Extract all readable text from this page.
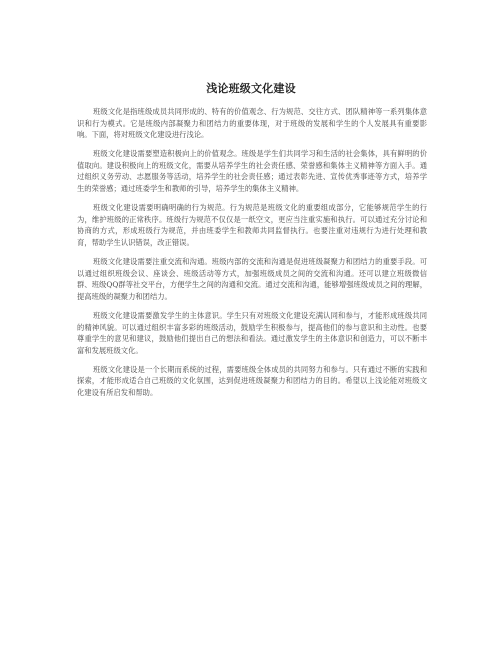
浅论班级文化建设

班级文化是指班级成员共同形成的、特有的价值观念、行为规范、交往方式、团队精神等一系列集体意识和行为模式。它是班级内部凝聚力和团结力的重要体现，对于班级的发展和学生的个人发展具有重要影响。下面，将对班级文化建设进行浅论。

班级文化建设需要塑造积极向上的价值观念。班级是学生们共同学习和生活的社会集体，具有鲜明的价值取向。建设积极向上的班级文化，需要从培养学生的社会责任感、荣誉感和集体主义精神等方面入手。通过组织义务劳动、志愿服务等活动，培养学生的社会责任感；通过表彰先进、宣传优秀事迹等方式，培养学生的荣誉感；通过班委学生和教师的引导，培养学生的集体主义精神。

班级文化建设需要明确明确的行为规范。行为规范是班级文化的重要组成部分，它能够规范学生的行为，维护班级的正常秩序。班级行为规范不仅仅是一纸空文，更应当注重实施和执行。可以通过充分讨论和协商的方式，形成班级行为规范，并由班委学生和教师共同监督执行。也要注重对违规行为进行处理和教育，帮助学生认识错误，改正错误。

班级文化建设需要注重交流和沟通。班级内部的交流和沟通是促进班级凝聚力和团结力的重要手段。可以通过组织班级会议、座谈会、班级活动等方式，加强班级成员之间的交流和沟通。还可以建立班级微信群、班级QQ群等社交平台，方便学生之间的沟通和交流。通过交流和沟通，能够增强班级成员之间的理解，提高班级的凝聚力和团结力。

班级文化建设需要激发学生的主体意识。学生只有对班级文化建设充满认同和参与，才能形成班级共同的精神风貌。可以通过组织丰富多彩的班级活动，鼓励学生积极参与，提高他们的参与意识和主动性。也要尊重学生的意见和建议，鼓励他们提出自己的想法和看法。通过激发学生的主体意识和创造力，可以不断丰富和发展班级文化。

班级文化建设是一个长期而系统的过程，需要班级全体成员的共同努力和参与。只有通过不断的实践和探索，才能形成适合自己班级的文化氛围，达到促进班级凝聚力和团结力的目的。希望以上浅论能对班级文化建设有所启发和帮助。
